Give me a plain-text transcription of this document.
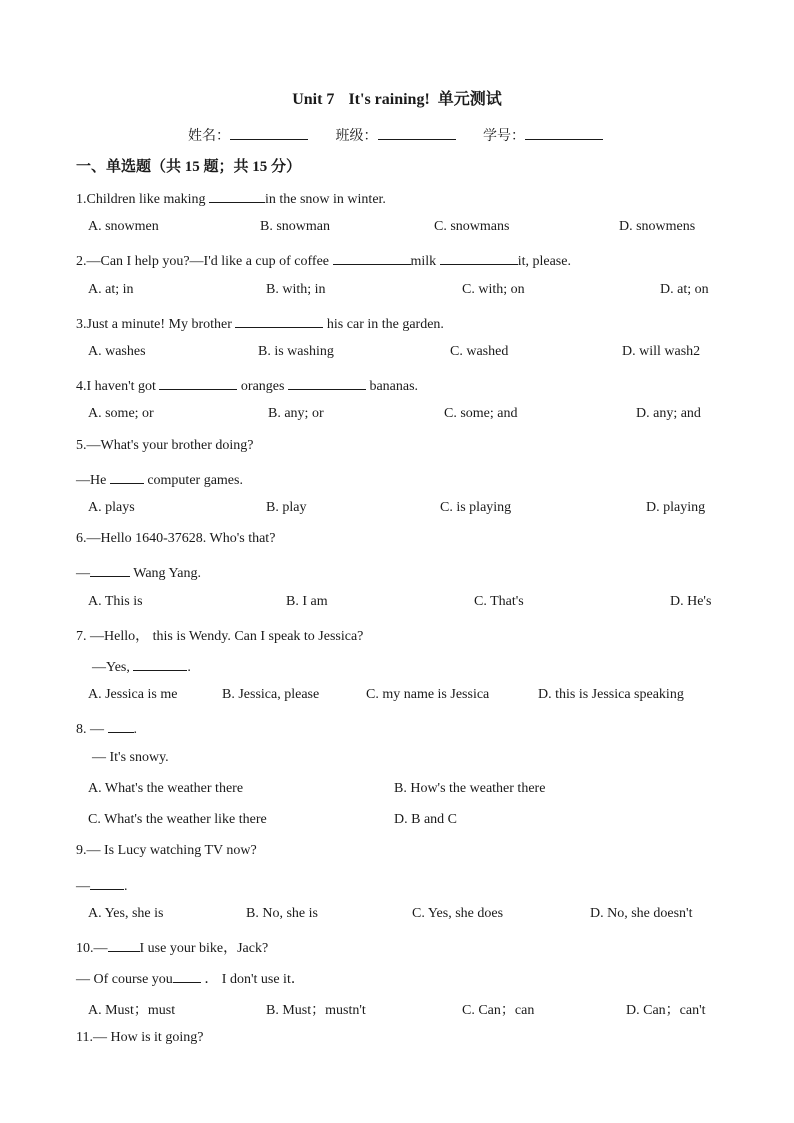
Unit 7 It's raining! 单元测试
姓名：	班级：	学号：
一、单选题（共 15 题；共 15 分）
1.Children like making	in the snow in winter.
A. snowmen	B. snowman	C. snowmans	D. snowmens
2.—Can I help you?—I'd like a cup of coffee	milk	it, please.
A. at; in	B. with; in	C. with; on	D. at; on
3.Just a minute! My brother	his car in the garden.
A. washes	B. is washing	C. washed	D. will wash2
4.I haven't got	oranges	bananas.
A. some; or	B. any; or	C. some; and	D. any; and
5.—What's your brother doing?
—He  computer games.
A. plays	B. play	C. is playing	D. playing
6.—Hello 1640-37628. Who's that?
—	Wang Yang.
A. This is	B. I am	C. That's	D. He's
7. —Hello， this is Wendy. Can I speak to Jessica?
—Yes,	.
A. Jessica is me	B. Jessica, please	C. my name is Jessica	D. this is Jessica speaking
8. — .
— It's snowy.
A. What's the weather there	B. How's the weather there
C. What's the weather like there	D. B and C
9.— Is Lucy watching TV now?
— .
A. Yes, she is	B. No, she is	C. Yes, she does	D. No, she doesn't
10.— I use your bike，Jack?
— Of course you ． I don't use it．
A. Must；must	B. Must；mustn't	C. Can；can	D. Can；can't
11.— How is it going?
